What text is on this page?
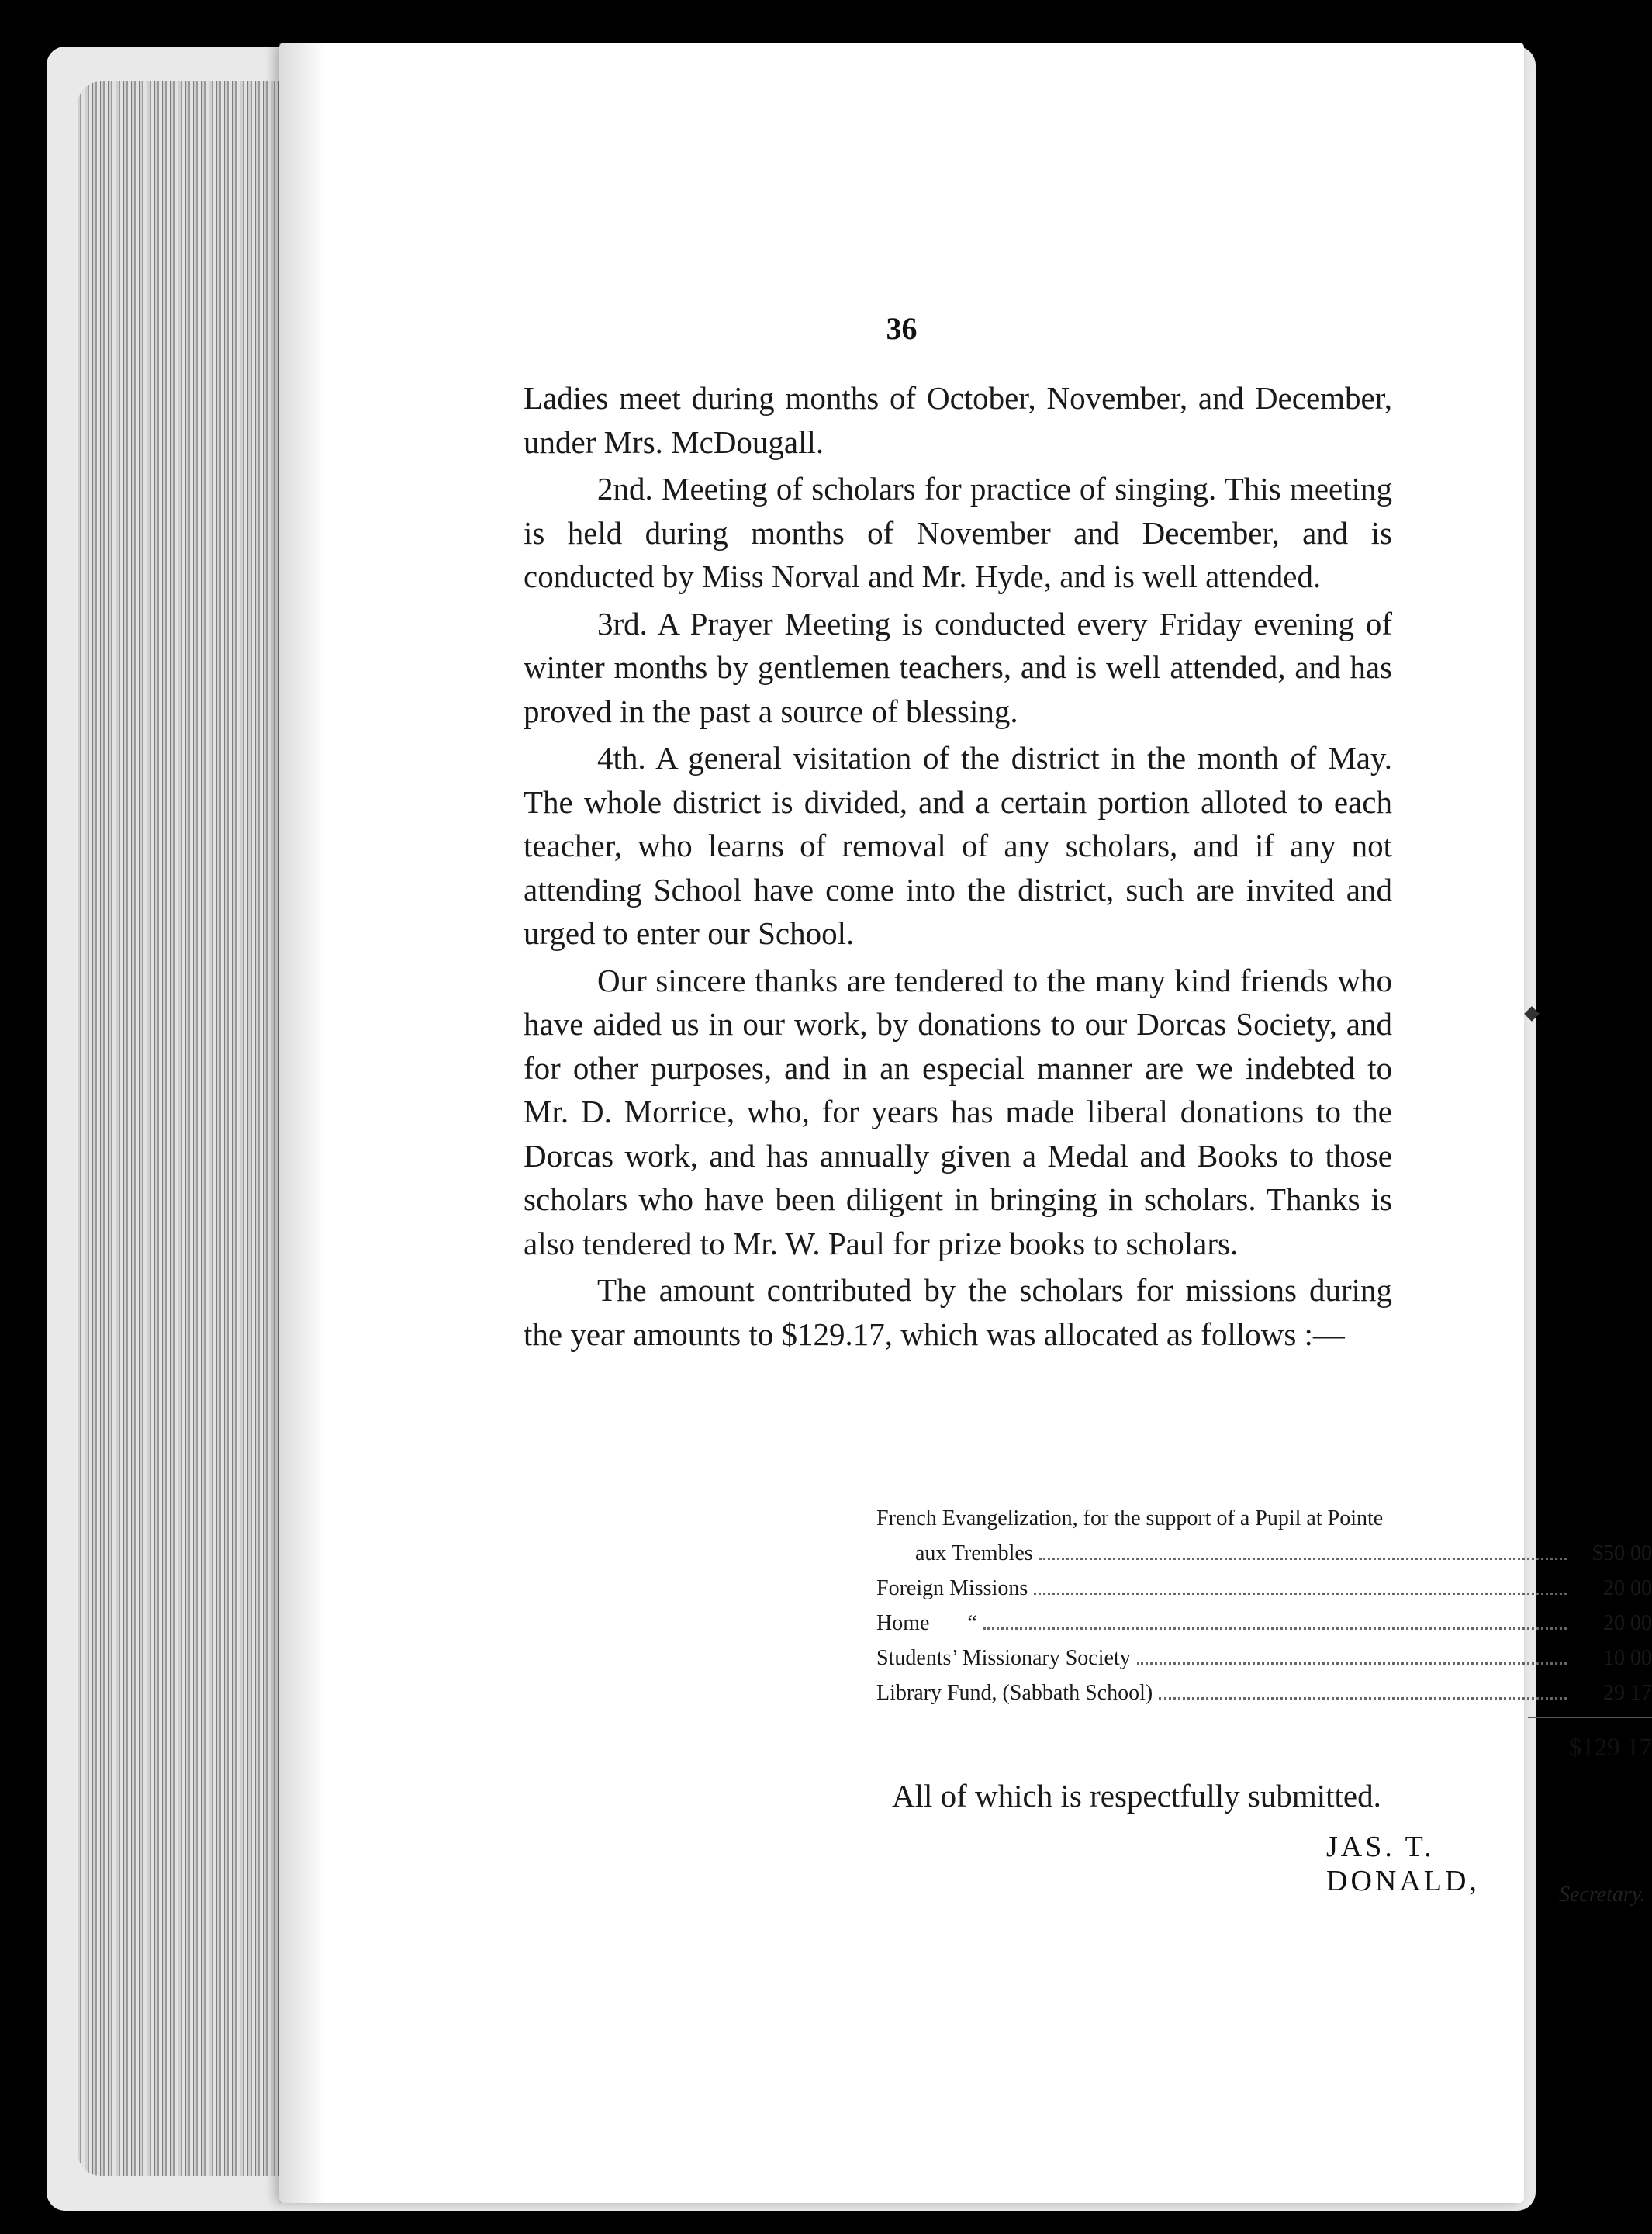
36

Ladies meet during months of October, November, and December, under Mrs. McDougall.

2nd. Meeting of scholars for practice of singing. This meeting is held during months of November and December, and is conducted by Miss Norval and Mr. Hyde, and is well attended.

3rd. A Prayer Meeting is conducted every Friday evening of winter months by gentlemen teachers, and is well attended, and has proved in the past a source of blessing.

4th. A general visitation of the district in the month of May. The whole district is divided, and a certain portion alloted to each teacher, who learns of removal of any scholars, and if any not attending School have come into the district, such are invited and urged to enter our School.

Our sincere thanks are tendered to the many kind friends who have aided us in our work, by donations to our Dorcas Society, and for other purposes, and in an especial manner are we indebted to Mr. D. Morrice, who, for years has made liberal donations to the Dorcas work, and has annually given a Medal and Books to those scholars who have been diligent in bringing in scholars. Thanks is also tendered to Mr. W. Paul for prize books to scholars.

The amount contributed by the scholars for missions during the year amounts to $129.17, which was allocated as follows :—

French Evangelization, for the support of a Pupil at Pointe
aux Trembles	$50 00
Foreign Missions	20 00
Home       “	20 00
Students’ Missionary Society	10 00
Library Fund, (Sabbath School)	29 17
$129 17
All of which is respectfully submitted.
JAS. T. DONALD,	Secretary.
